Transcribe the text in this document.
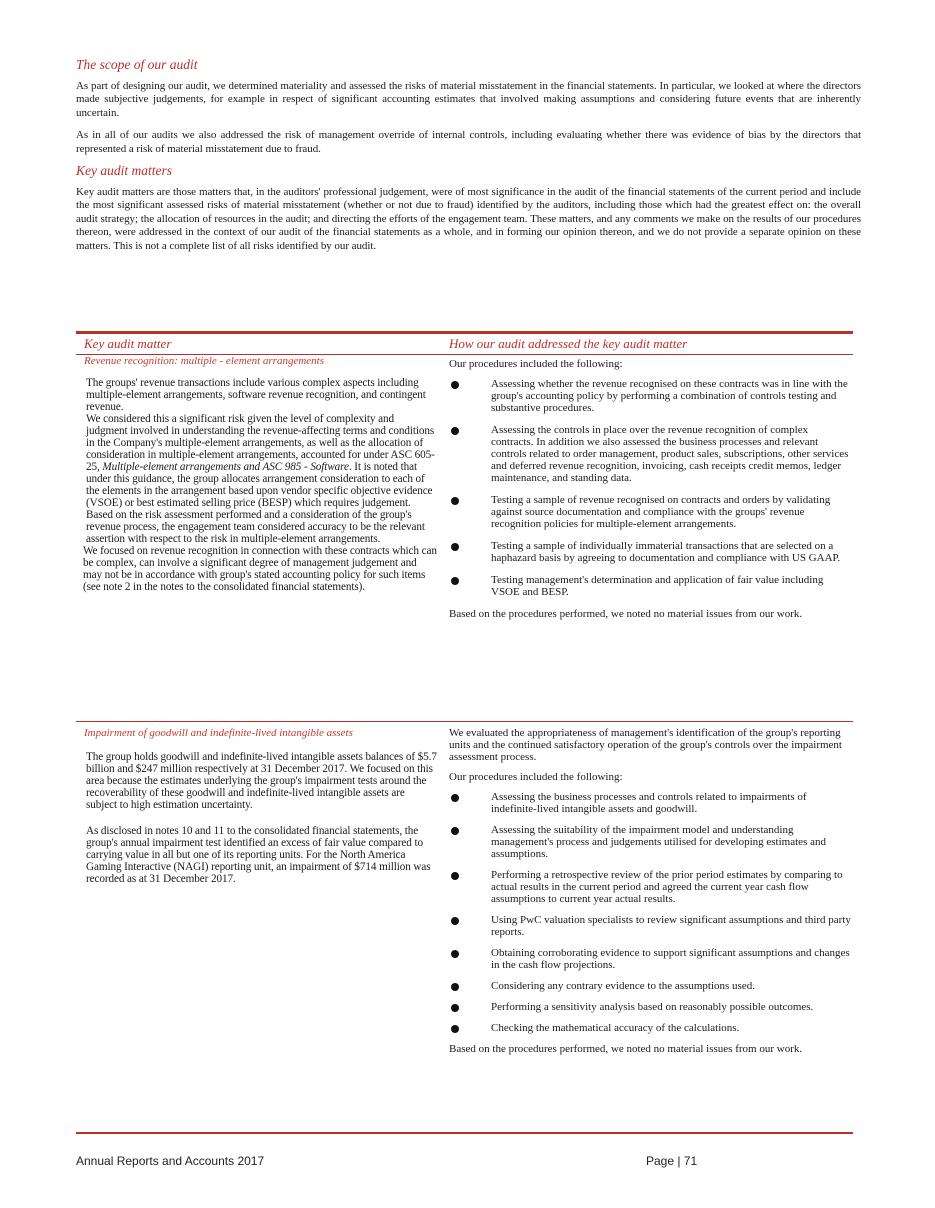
The scope of our audit

As part of designing our audit, we determined materiality and assessed the risks of material misstatement in the financial statements. In particular, we looked at where the directors made subjective judgements, for example in respect of significant accounting estimates that involved making assumptions and considering future events that are inherently uncertain.

As in all of our audits we also addressed the risk of management override of internal controls, including evaluating whether there was evidence of bias by the directors that represented a risk of material misstatement due to fraud.

Key audit matters

Key audit matters are those matters that, in the auditors' professional judgement, were of most significance in the audit of the financial statements of the current period and include the most significant assessed risks of material misstatement (whether or not due to fraud) identified by the auditors, including those which had the greatest effect on: the overall audit strategy; the allocation of resources in the audit; and directing the efforts of the engagement team. These matters, and any comments we make on the results of our procedures thereon, were addressed in the context of our audit of the financial statements as a whole, and in forming our opinion thereon, and we do not provide a separate opinion on these matters. This is not a complete list of all risks identified by our audit.

Key audit matter	How our audit addressed the key audit matter
Revenue recognition: multiple - element arrangements

The groups' revenue transactions include various complex aspects including multiple-element arrangements, software revenue recognition, and contingent revenue.

We considered this a significant risk given the level of complexity and judgment involved in understanding the revenue-affecting terms and conditions in the Company's multiple-element arrangements, as well as the allocation of consideration in multiple-element arrangements, accounted for under ASC 605-25, Multiple-element arrangements and ASC 985 - Software. It is noted that under this guidance, the group allocates arrangement consideration to each of the elements in the arrangement based upon vendor specific objective evidence (VSOE) or best estimated selling price (BESP) which requires judgement.

Based on the risk assessment performed and a consideration of the group's revenue process, the engagement team considered accuracy to be the relevant assertion with respect to the risk in multiple-element arrangements.

We focused on revenue recognition in connection with these contracts which can be complex, can involve a significant degree of management judgement and may not be in accordance with group's stated accounting policy for such items (see note 2 in the notes to the consolidated financial statements).

Our procedures included the following:

Assessing whether the revenue recognised on these contracts was in line with the group's accounting policy by performing a combination of controls testing and substantive procedures.
Assessing the controls in place over the revenue recognition of complex contracts. In addition we also assessed the business processes and relevant controls related to order management, product sales, subscriptions, other services and deferred revenue recognition, invoicing, cash receipts credit memos, ledger maintenance, and standing data.
Testing a sample of revenue recognised on contracts and orders by validating against source documentation and compliance with the groups' revenue recognition policies for multiple-element arrangements.
Testing a sample of individually immaterial transactions that are selected on a haphazard basis by agreeing to documentation and compliance with US GAAP.
Testing management's determination and application of fair value including VSOE and BESP.

Based on the procedures performed, we noted no material issues from our work.

Impairment of goodwill and indefinite-lived intangible assets

The group holds goodwill and indefinite-lived intangible assets balances of $5.7 billion and $247 million respectively at 31 December 2017. We focused on this area because the estimates underlying the group's impairment tests around the recoverability of these goodwill and indefinite-lived intangible assets are subject to high estimation uncertainty.

As disclosed in notes 10 and 11 to the consolidated financial statements, the group's annual impairment test identified an excess of fair value compared to carrying value in all but one of its reporting units. For the North America Gaming Interactive (NAGI) reporting unit, an impairment of $714 million was recorded as at 31 December 2017.

We evaluated the appropriateness of management's identification of the group's reporting units and the continued satisfactory operation of the group's controls over the impairment assessment process.

Our procedures included the following:

Assessing the business processes and controls related to impairments of indefinite-lived intangible assets and goodwill.
Assessing the suitability of the impairment model and understanding management's process and judgements utilised for developing estimates and assumptions.
Performing a retrospective review of the prior period estimates by comparing to actual results in the current period and agreed the current year cash flow assumptions to current year actual results.
Using PwC valuation specialists to review significant assumptions and third party reports.
Obtaining corroborating evidence to support significant assumptions and changes in the cash flow projections.
Considering any contrary evidence to the assumptions used.
Performing a sensitivity analysis based on reasonably possible outcomes.
Checking the mathematical accuracy of the calculations.

Based on the procedures performed, we noted no material issues from our work.

Annual Reports and Accounts 2017	Page | 71
